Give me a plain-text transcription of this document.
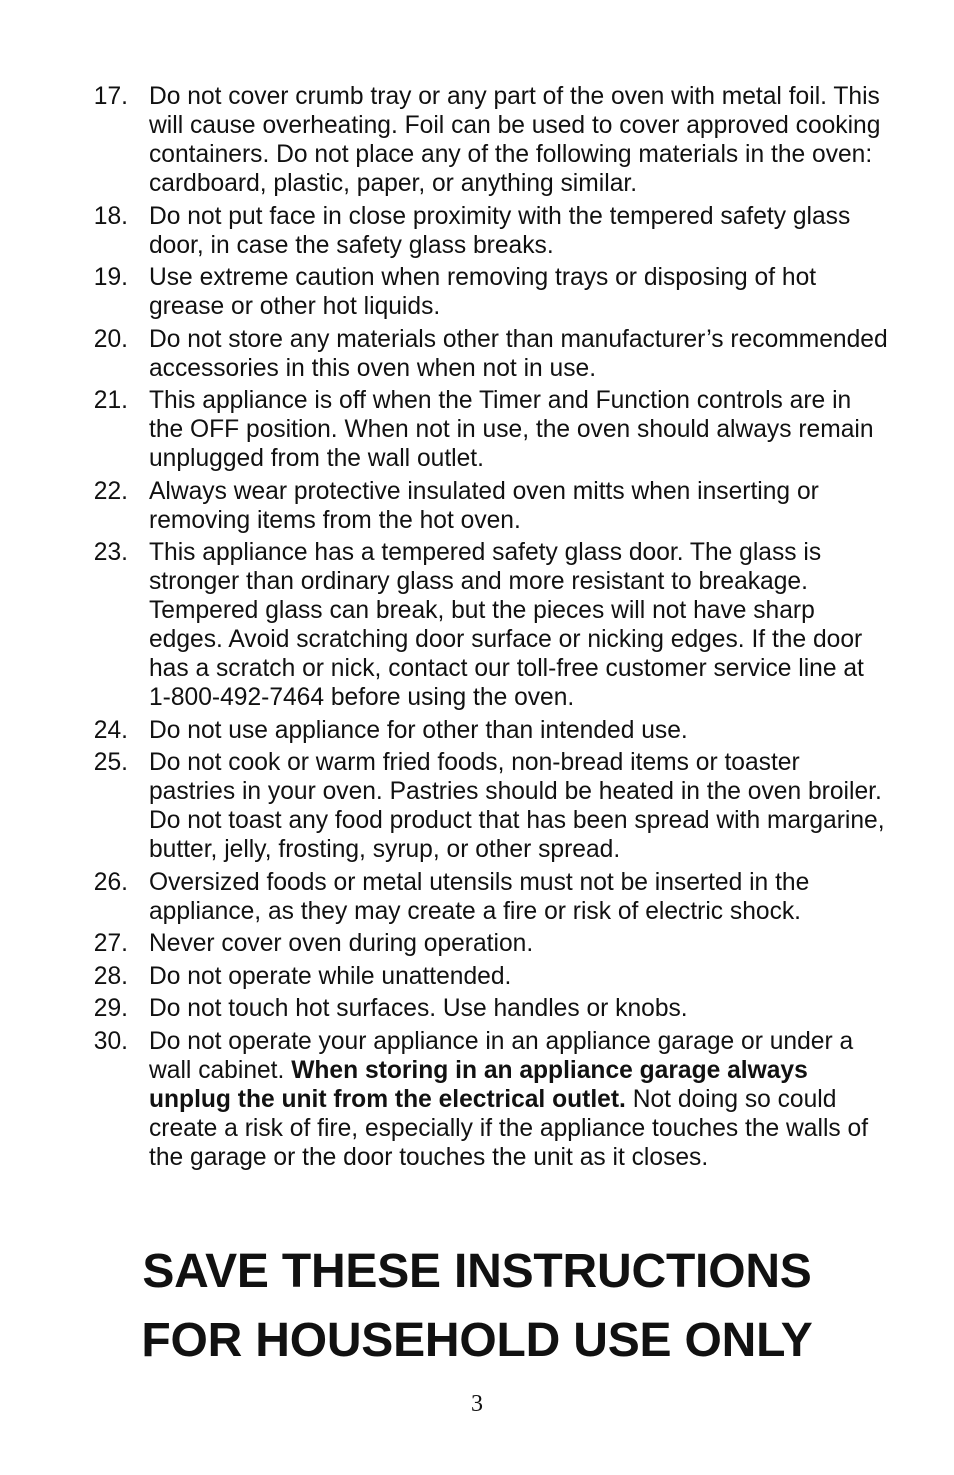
17. Do not cover crumb tray or any part of the oven with metal foil. This will cause overheating. Foil can be used to cover approved cooking containers. Do not place any of the following materials in the oven: cardboard, plastic, paper, or anything similar.
18. Do not put face in close proximity with the tempered safety glass door, in case the safety glass breaks.
19. Use extreme caution when removing trays or disposing of hot grease or other hot liquids.
20. Do not store any materials other than manufacturer’s recommended accessories in this oven when not in use.
21. This appliance is off when the Timer and Function controls are in the OFF position. When not in use, the oven should always remain unplugged from the wall outlet.
22. Always wear protective insulated oven mitts when inserting or removing items from the hot oven.
23. This appliance has a tempered safety glass door. The glass is stronger than ordinary glass and more resistant to breakage. Tempered glass can break, but the pieces will not have sharp edges. Avoid scratching door surface or nicking edges. If the door has a scratch or nick, contact our toll-free customer service line at 1-800-492-7464 before using the oven.
24. Do not use appliance for other than intended use.
25. Do not cook or warm fried foods, non-bread items or toaster pastries in your oven. Pastries should be heated in the oven broiler. Do not toast any food product that has been spread with margarine, butter, jelly, frosting, syrup, or other spread.
26. Oversized foods or metal utensils must not be inserted in the appliance, as they may create a fire or risk of electric shock.
27. Never cover oven during operation.
28. Do not operate while unattended.
29. Do not touch hot surfaces. Use handles or knobs.
30. Do not operate your appliance in an appliance garage or under a wall cabinet. When storing in an appliance garage always unplug the unit from the electrical outlet. Not doing so could create a risk of fire, especially if the appliance touches the walls of the garage or the door touches the unit as it closes.
SAVE THESE INSTRUCTIONS
FOR HOUSEHOLD USE ONLY
3
